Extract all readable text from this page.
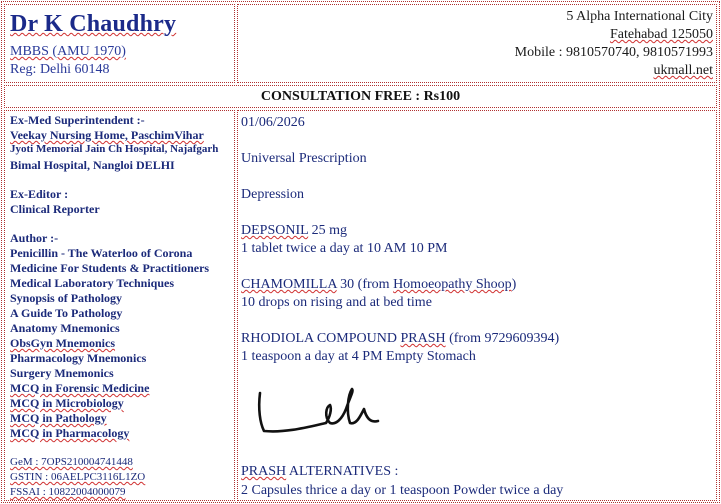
Dr K Chaudhry
MBBS (AMU 1970)
Reg: Delhi 60148
5 Alpha International City
Fatehabad 125050
Mobile : 9810570740, 9810571993
ukmall.net
CONSULTATION FREE : Rs100
Ex-Med Superintendent :-
Veekay Nursing Home, PaschimVihar
Jyoti Memorial Jain Ch Hospital, Najafgarh
Bimal Hospital, Nangloi DELHI
Ex-Editor :
Clinical Reporter
Author :-
Penicillin - The Waterloo of Corona
Medicine For Students & Practitioners
Medical Laboratory Techniques
Synopsis of Pathology
A Guide To Pathology
Anatomy Mnemonics
ObsGyn Mnemonics
Pharmacology Mnemonics
Surgery Mnemonics
MCQ in Forensic Medicine
MCQ in Microbiology
MCQ in Pathology
MCQ in Pharmacology
GeM : 7OPS210004741448
GSTIN : 06AELPC3116L1ZO
FSSAI : 10822004000079
01/06/2026
Universal Prescription
Depression
DEPSONIL 25 mg
1 tablet twice a day at 10 AM 10 PM
CHAMOMILLA 30 (from Homoeopathy Shoop)
10 drops on rising and at bed time
RHODIOLA COMPOUND PRASH (from 9729609394)
1 teaspoon a day at 4 PM Empty Stomach
PRASH ALTERNATIVES :
2 Capsules thrice a day or 1 teaspoon Powder twice a day
